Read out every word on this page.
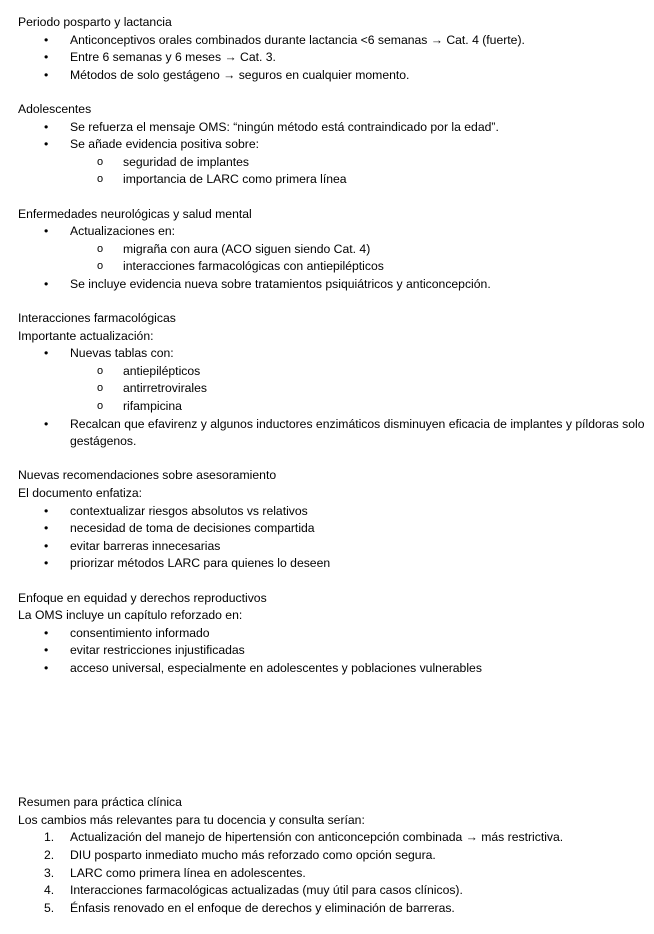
Periodo posparto y lactancia

• Anticonceptivos orales combinados durante lactancia <6 semanas → Cat. 4 (fuerte).
• Entre 6 semanas y 6 meses → Cat. 3.
• Métodos de solo gestágeno → seguros en cualquier momento.

Adolescentes

• Se refuerza el mensaje OMS: “ningún método está contraindicado por la edad”.
• Se añade evidencia positiva sobre:
o seguridad de implantes
o importancia de LARC como primera línea

Enfermedades neurológicas y salud mental

• Actualizaciones en:
o migraña con aura (ACO siguen siendo Cat. 4)
o interacciones farmacológicas con antiepilépticos
• Se incluye evidencia nueva sobre tratamientos psiquiátricos y anticoncepción.

Interacciones farmacológicas

Importante actualización:

• Nuevas tablas con:
o antiepilépticos
o antirretrovirales
o rifampicina
• Recalcan que efavirenz y algunos inductores enzimáticos disminuyen eficacia de implantes y píldoras solo gestágenos.

Nuevas recomendaciones sobre asesoramiento

El documento enfatiza:

• contextualizar riesgos absolutos vs relativos
• necesidad de toma de decisiones compartida
• evitar barreras innecesarias
• priorizar métodos LARC para quienes lo deseen

Enfoque en equidad y derechos reproductivos

La OMS incluye un capítulo reforzado en:

• consentimiento informado
• evitar restricciones injustificadas
• acceso universal, especialmente en adolescentes y poblaciones vulnerables

Resumen para práctica clínica

Los cambios más relevantes para tu docencia y consulta serían:

1. Actualización del manejo de hipertensión con anticoncepción combinada → más restrictiva.
2. DIU posparto inmediato mucho más reforzado como opción segura.
3. LARC como primera línea en adolescentes.
4. Interacciones farmacológicas actualizadas (muy útil para casos clínicos).
5. Énfasis renovado en el enfoque de derechos y eliminación de barreras.
